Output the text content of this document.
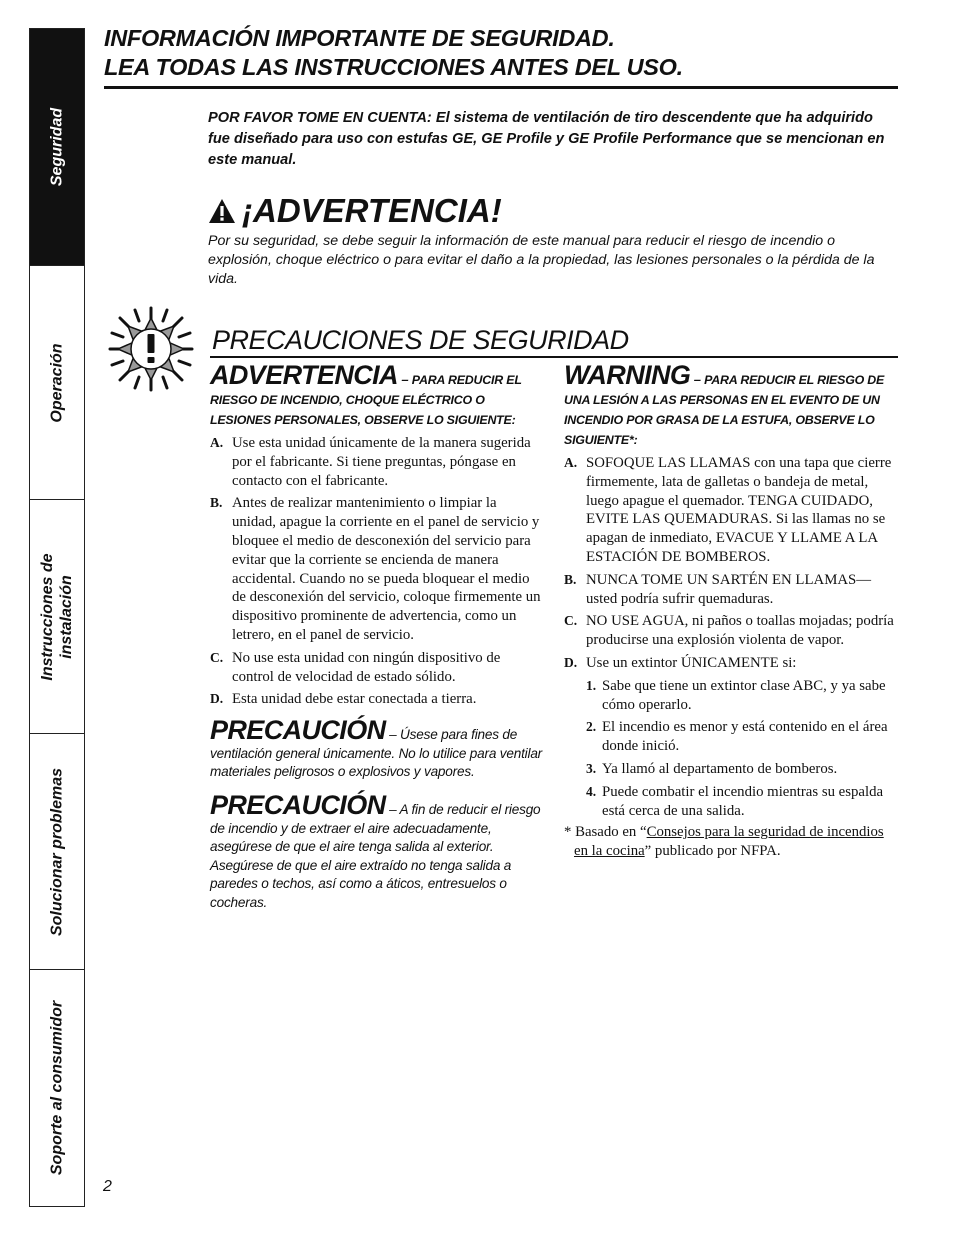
Seguridad
Operación
Instrucciones de instalación
Solucionar problemas
Soporte al consumidor
INFORMACIÓN IMPORTANTE DE SEGURIDAD.
LEA TODAS LAS INSTRUCCIONES ANTES DEL USO.
POR FAVOR TOME EN CUENTA: El sistema de ventilación de tiro descendente que ha adquirido fue diseñado para uso con estufas GE, GE Profile y GE Profile Performance que se mencionan en este manual.
¡ADVERTENCIA!
Por su seguridad, se debe seguir la información de este manual para reducir el riesgo de incendio o explosión, choque eléctrico o para evitar el daño a la propiedad, las lesiones personales o la pérdida de la vida.
PRECAUCIONES DE SEGURIDAD
ADVERTENCIA – PARA REDUCIR EL RIESGO DE INCENDIO, CHOQUE ELÉCTRICO O LESIONES PERSONALES, OBSERVE LO SIGUIENTE:
A. Use esta unidad únicamente de la manera sugerida por el fabricante. Si tiene preguntas, póngase en contacto con el fabricante.
B. Antes de realizar mantenimiento o limpiar la unidad, apague la corriente en el panel de servicio y bloquee el medio de desconexión del servicio para evitar que la corriente se encienda de manera accidental. Cuando no se pueda bloquear el medio de desconexión del servicio, coloque firmemente un dispositivo prominente de advertencia, como un letrero, en el panel de servicio.
C. No use esta unidad con ningún dispositivo de control de velocidad de estado sólido.
D. Esta unidad debe estar conectada a tierra.
PRECAUCIÓN – Úsese para fines de ventilación general únicamente. No lo utilice para ventilar materiales peligrosos o explosivos y vapores.
PRECAUCIÓN – A fin de reducir el riesgo de incendio y de extraer el aire adecuadamente, asegúrese de que el aire tenga salida al exterior. Asegúrese de que el aire extraído no tenga salida a paredes o techos, así como a áticos, entresuelos o cocheras.
WARNING – PARA REDUCIR EL RIESGO DE UNA LESIÓN A LAS PERSONAS EN EL EVENTO DE UN INCENDIO POR GRASA DE LA ESTUFA, OBSERVE LO SIGUIENTE*:
A. SOFOQUE LAS LLAMAS con una tapa que cierre firmemente, lata de galletas o bandeja de metal, luego apague el quemador. TENGA CUIDADO, EVITE LAS QUEMADURAS. Si las llamas no se apagan de inmediato, EVACUE Y LLAME A LA ESTACIÓN DE BOMBEROS.
B. NUNCA TOME UN SARTÉN EN LLAMAS— usted podría sufrir quemaduras.
C. NO USE AGUA, ni paños o toallas mojadas; podría producirse una explosión violenta de vapor.
D. Use un extintor ÚNICAMENTE si:
1. Sabe que tiene un extintor clase ABC, y ya sabe cómo operarlo.
2. El incendio es menor y está contenido en el área donde inició.
3. Ya llamó al departamento de bomberos.
4. Puede combatir el incendio mientras su espalda está cerca de una salida.
* Basado en “Consejos para la seguridad de incendios en la cocina” publicado por NFPA.
2
